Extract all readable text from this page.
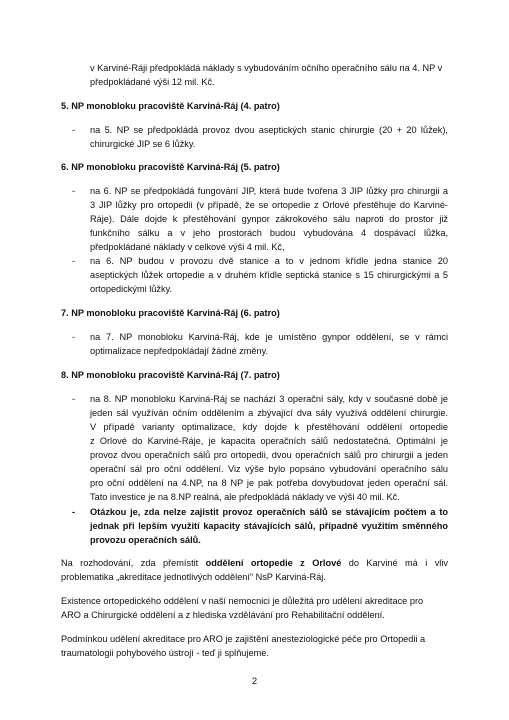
v Karviné-Ráji předpokládá náklady s vybudováním očního operačního sálu na 4. NP v
předpokládané výši 12 mil. Kč.
5. NP monobloku pracoviště Karviná-Ráj (4. patro)
- na 5. NP se předpokládá provoz dvou aseptických stanic chirurgie (20 + 20 lůžek),
chirurgické JIP se 6 lůžky.
6. NP monobloku pracoviště Karviná-Ráj (5. patro)
- na 6. NP se předpokládá fungování JIP, která bude tvořena 3 JIP lůžky pro chirurgii a
3 JIP lůžky pro ortopedii (v případě, že se ortopedie z Orlové přestěhuje do Karviné-
Ráje). Dále dojde k přestěhování gynpor zákrokového sálu naproti do prostor již
funkčního sálku a v jeho prostorách budou vybudována 4 dospávací lůžka,
předpokládané náklady v celkové výši 4 mil. Kč,
- na 6. NP budou v provozu dvě stanice a to v jednom křídle jedna stanice 20
aseptických lůžek ortopedie a v druhém křídle septická stanice s 15 chirurgickými a 5
ortopedickými lůžky.
7. NP monobloku pracoviště Karviná-Ráj (6. patro)
- na 7. NP monobloku Karviná-Ráj, kde je umístěno gynpor oddělení, se v rámci
optimalizace nepředpokládají žádné změny.
8. NP monobloku pracoviště Karviná-Ráj (7. patro)
- na 8. NP monobloku Karviná-Ráj se nachází 3 operační sály, kdy v současné době je
jeden sál využíván očním oddělením a zbývající dva sály využívá oddělení chirurgie.
V případě varianty optimalizace, kdy dojde k přestěhování oddělení ortopedie
z Orlové do Karviné-Ráje, je kapacita operačních sálů nedostatečná. Optimální je
provoz dvou operačních sálů pro ortopedii, dvou operačních sálů pro chirurgii a jeden
operační sál pro oční oddělení. Viz výše bylo popsáno vybudování operačního sálu
pro oční oddělení na 4.NP, na 8 NP je pak potřeba dovybudovat jeden operační sál.
Tato investice je na 8.NP reálná, ale předpokládá náklady ve výši 40 mil. Kč.
- Otázkou je, zda nelze zajistit provoz operačních sálů se stávajícím počtem a to
jednak při lepším využití kapacity stávajících sálů, případně využitím směnného
provozu operačních sálů.
Na rozhodování, zda přemístit oddělení ortopedie z Orlové do Karviné má i vliv
problematika „akreditace jednotlivých oddělení“ NsP Karviná-Ráj.
Existence ortopedického oddělení v naší nemocnici je důležitá pro udělení akreditace pro
ARO a Chirurgické oddělení a z hlediska vzdělávání pro Rehabilitační oddělení.
Podmínkou udělení akreditace pro ARO je zajištění anesteziologické péče pro Ortopedii a
traumatologii pohybového ústrojí - teď ji splňujeme.
2
